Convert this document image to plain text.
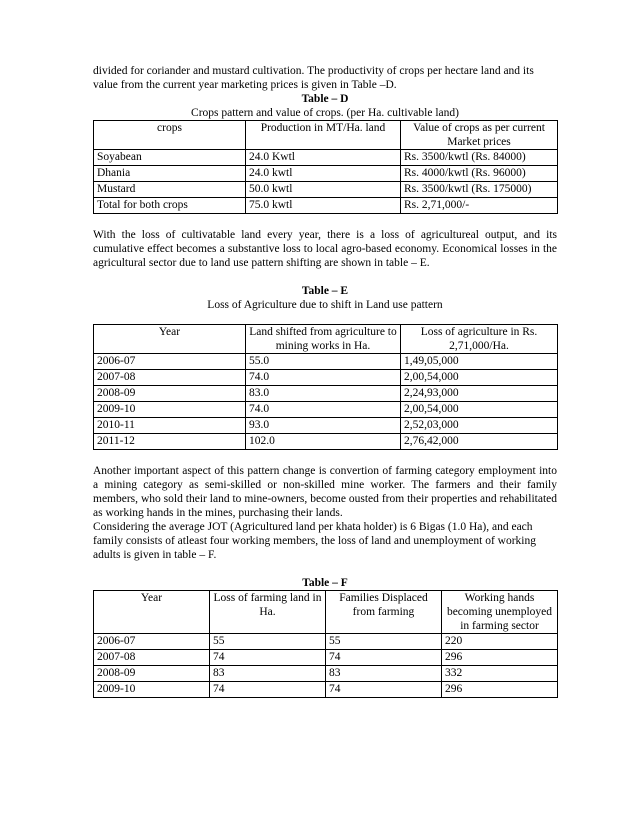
divided for coriander and mustard cultivation. The productivity of crops per hectare land and its

value from the current year marketing prices is given in Table –D.

Table – D

Crops pattern and value of crops. (per Ha. cultivable land)

crops	Production in MT/Ha. land	Value of crops as per current Market prices
Soyabean	24.0 Kwtl	Rs. 3500/kwtl (Rs. 84000)
Dhania	24.0 kwtl	Rs. 4000/kwtl (Rs. 96000)
Mustard	50.0 kwtl	Rs. 3500/kwtl (Rs. 175000)
Total for both crops	75.0 kwtl	Rs. 2,71,000/-

With the loss of cultivatable land every year, there is a loss of agricultureal output, and its cumulative effect becomes a substantive loss to local agro-based economy. Economical losses in the agricultural sector due to land use pattern shifting are shown in table – E.

Table – E

Loss of Agriculture due to shift in Land use pattern

Year	Land shifted from agriculture to mining works in Ha.	Loss of agriculture in Rs. 2,71,000/Ha.
2006-07	55.0	1,49,05,000
2007-08	74.0	2,00,54,000
2008-09	83.0	2,24,93,000
2009-10	74.0	2,00,54,000
2010-11	93.0	2,52,03,000
2011-12	102.0	2,76,42,000

Another important aspect of this pattern change is convertion of farming category employment into a mining category as semi-skilled or non-skilled mine worker. The farmers and their family members, who sold their land to mine-owners, become ousted from their properties and rehabilitated as working hands in the mines, purchasing their lands.

Considering the average JOT (Agricultured land per khata holder) is 6 Bigas (1.0 Ha), and each family consists of atleast four working members, the loss of land and unemployment of working adults is given in table – F.

Table – F

Year	Loss of farming land in Ha.	Families Displaced from farming	Working hands becoming unemployed in farming sector
2006-07	55	55	220
2007-08	74	74	296
2008-09	83	83	332
2009-10	74	74	296
